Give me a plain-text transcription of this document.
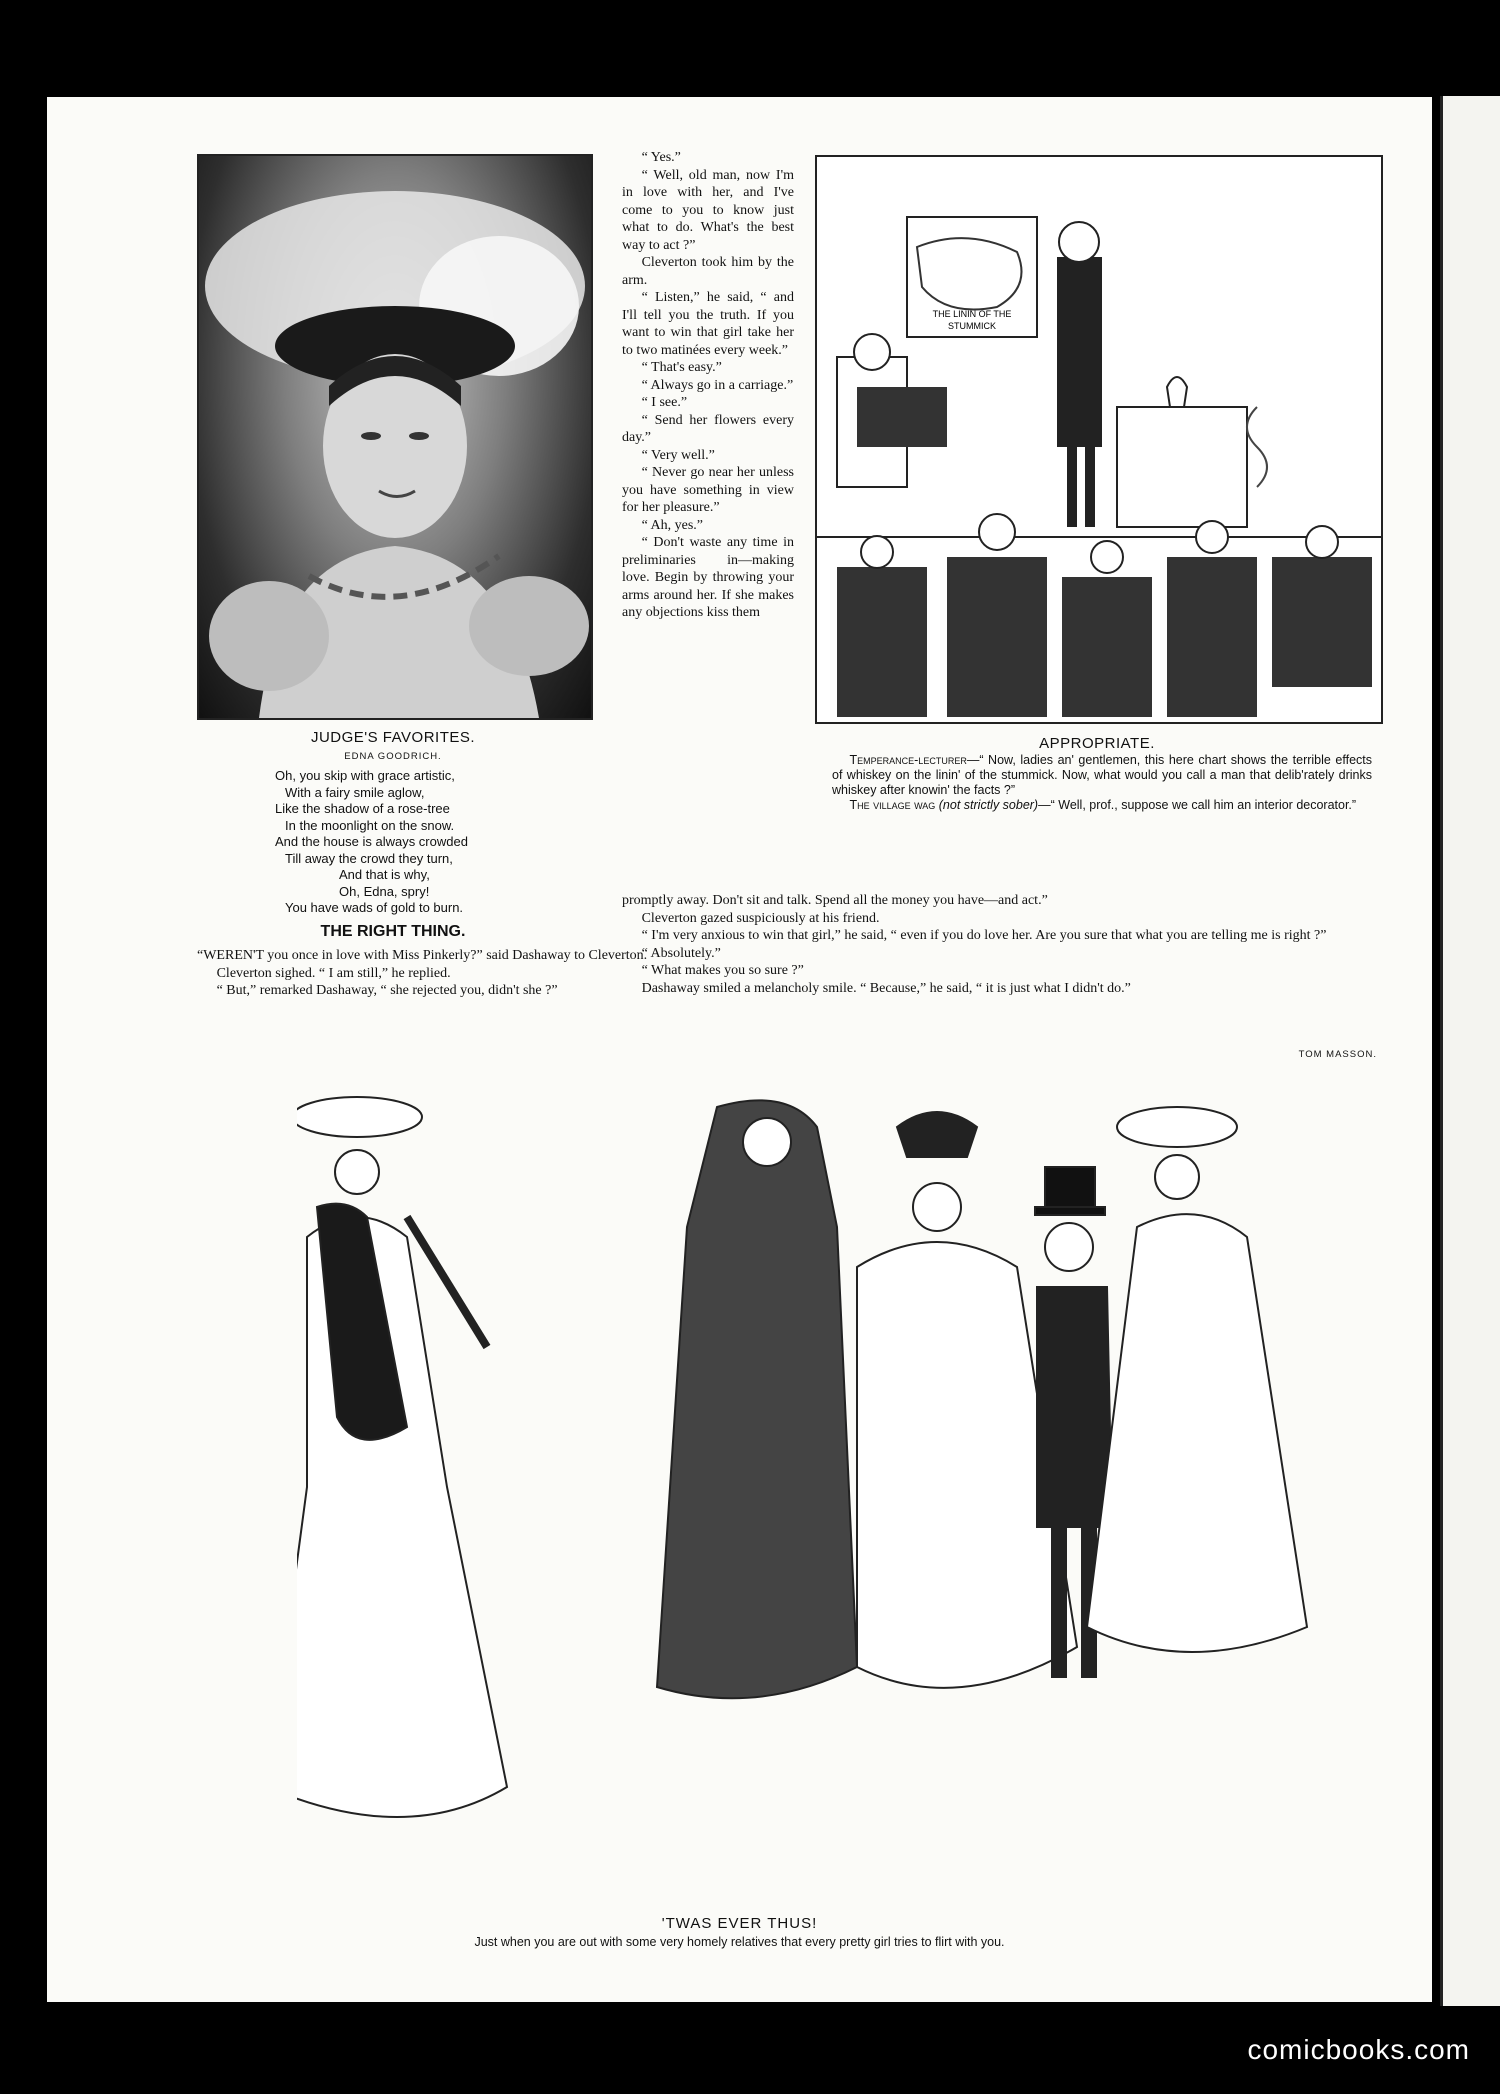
JUDGE'S FAVORITES.
EDNA GOODRICH.
Oh, you skip with grace artistic,
With a fairy smile aglow,
Like the shadow of a rose-tree
In the moonlight on the snow.
And the house is always crowded
Till away the crowd they turn,
And that is why,
Oh, Edna, spry!
You have wads of gold to burn.
THE RIGHT THING.

“WEREN'T you once in love with Miss Pinkerly?” said Dashaway to Cleverton.

Cleverton sighed. “ I am still,” he replied.

“ But,” remarked Dashaway, “ she rejected you, didn't she ?”

“ Yes.”

“ Well, old man, now I'm in love with her, and I've come to you to know just what to do. What's the best way to act ?”

Cleverton took him by the arm.

“ Listen,” he said, “ and I'll tell you the truth. If you want to win that girl take her to two matinées every week.”

“ That's easy.”

“ Always go in a carriage.”

“ I see.”

“ Send her flowers every day.”

“ Very well.”

“ Never go near her unless you have something in view for her pleasure.”

“ Ah, yes.”

“ Don't waste any time in preliminaries in—making love. Begin by throwing your arms around her. If she makes any objections kiss them

promptly away. Don't sit and talk. Spend all the money you have—and act.”

Cleverton gazed suspiciously at his friend.

“ I'm very anxious to win that girl,” he said, “ even if you do love her. Are you sure that what you are telling me is right ?”

“ Absolutely.”

“ What makes you so sure ?”

Dashaway smiled a melancholy smile. “ Because,” he said, “ it is just what I didn't do.”

TOM MASSON.
THE LININ OF THE
STUMMICK
APPROPRIATE.

Temperance-lecturer—“ Now, ladies an' gentlemen, this here chart shows the terrible effects of whiskey on the linin' of the stummick. Now, what would you call a man that delib'rately drinks whiskey after knowin' the facts ?”

The village wag (not strictly sober)—“ Well, prof., suppose we call him an interior decorator.”

'TWAS EVER THUS!
Just when you are out with some very homely relatives that every pretty girl tries to flirt with you.
comicbooks.com
